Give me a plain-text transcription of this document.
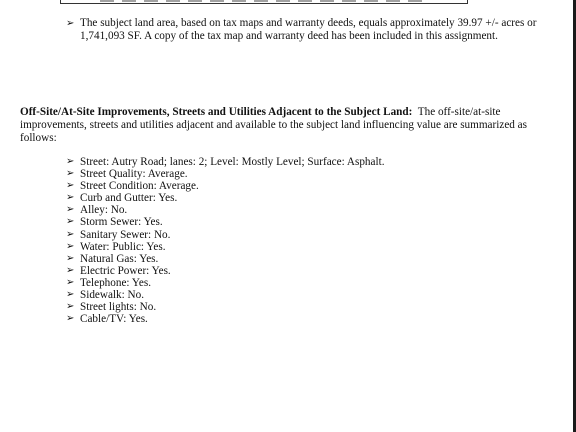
➢ The subject land area, based on tax maps and warranty deeds, equals approximately 39.97 +/- acres or 1,741,093 SF. A copy of the tax map and warranty deed has been included in this assignment.

Off-Site/At-Site Improvements, Streets and Utilities Adjacent to the Subject Land: The off-site/at-site improvements, streets and utilities adjacent and available to the subject land influencing value are summarized as follows:

➢ Street: Autry Road; lanes: 2; Level: Mostly Level; Surface: Asphalt.
➢ Street Quality: Average.
➢ Street Condition: Average.
➢ Curb and Gutter: Yes.
➢ Alley: No.
➢ Storm Sewer: Yes.
➢ Sanitary Sewer: No.
➢ Water: Public: Yes.
➢ Natural Gas: Yes.
➢ Electric Power: Yes.
➢ Telephone: Yes.
➢ Sidewalk: No.
➢ Street lights: No.
➢ Cable/TV: Yes.
